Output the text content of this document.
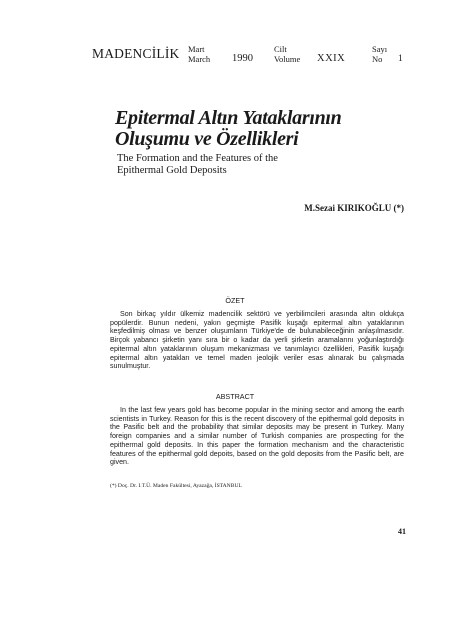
MADENCİLİK Mart
March 1990
Cilt
Volume XXIX
Sayı
No	1
Epitermal Altın Yataklarının
Oluşumu ve Özellikleri
The Formation and the Features of the
Epithermal Gold Deposits
M.Sezai KIRIKOĞLU (*)
ÖZET

Son birkaç yıldır ülkemiz madencilik sektörü ve yerbilimcileri arasında altın oldukça popülerdir. Bunun nedeni, yakın geçmişte Pasifik kuşağı epitermal altın yataklarının keşfedilmiş olması ve benzer oluşumların Türkiye'de de bulunabileceğinin anlaşılmasıdır. Birçok yabancı şirketin yanı sıra bir o kadar da yerli şirketin aramalarını yoğunlaştırdığı epitermal altın yataklarının oluşum mekanizması ve tanımlayıcı özellikleri, Pasifik kuşağı epitermal altın yatakları ve temel maden jeolojik veriler esas alınarak bu çalışmada sunulmuştur.

ABSTRACT

In the last few years gold has become popular in the mining sector and among the earth scientists in Turkey. Reason for this is the recent discovery of the epithermal gold deposits in the Pasific belt and the probability that similar deposits may be present in Turkey. Many foreign companies and a similar number of Turkish companies are prospecting for the epithermal gold deposits. In this paper the formation mechanism and the characteristic features of the epithermal gold depoits, based on the gold deposits from the Pasific belt, are given.

(*) Doç. Dr. I.T.Ü. Maden Fakültesi, Ayazağa, İSTANBUL
41
